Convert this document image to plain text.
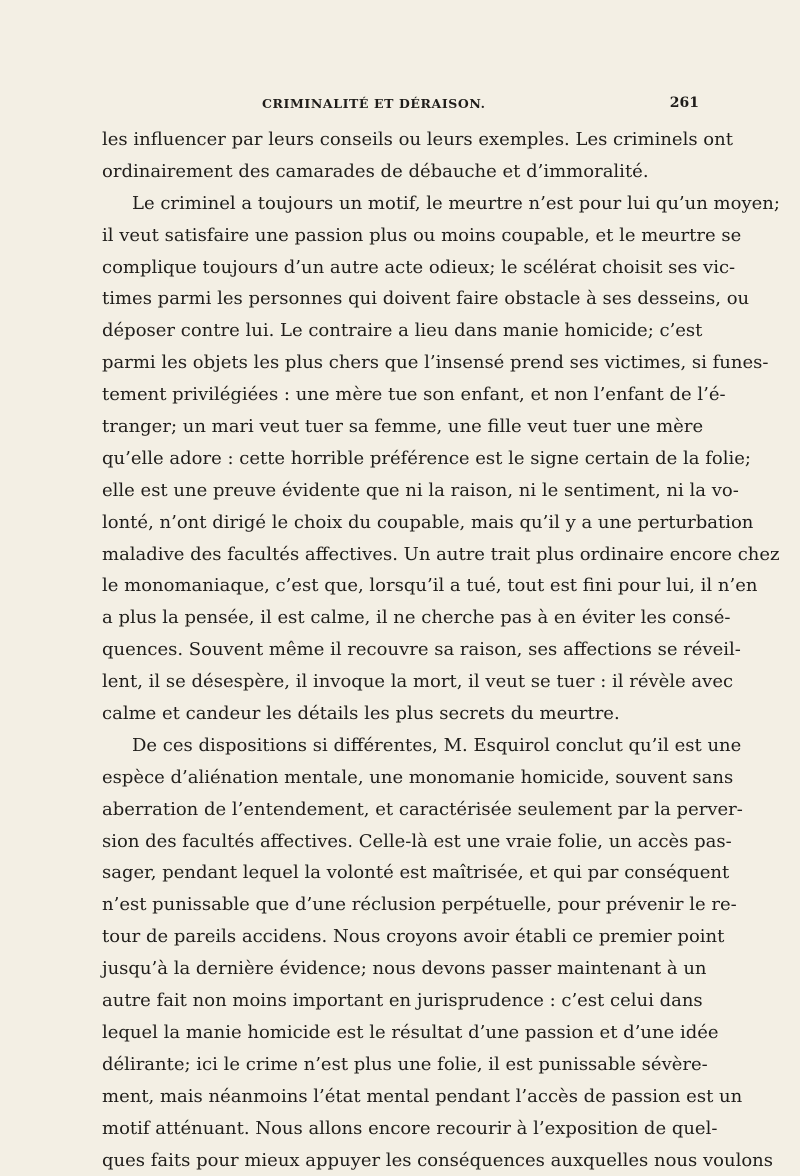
CRIMINALITÉ ET DÉRAISON.	261
les influencer par leurs conseils ou leurs exemples. Les criminels ont
ordinairement des camarades de débauche et d’immoralité.
Le criminel a toujours un motif, le meurtre n’est pour lui qu’un moyen;
il veut satisfaire une passion plus ou moins coupable, et le meurtre se
complique toujours d’un autre acte odieux; le scélérat choisit ses vic-
times parmi les personnes qui doivent faire obstacle à ses desseins, ou
déposer contre lui. Le contraire a lieu dans manie homicide; c’est
parmi les objets les plus chers que l’insensé prend ses victimes, si funes-
tement privilégiées : une mère tue son enfant, et non l’enfant de l’é-
tranger; un mari veut tuer sa femme, une fille veut tuer une mère
qu’elle adore : cette horrible préférence est le signe certain de la folie;
elle est une preuve évidente que ni la raison, ni le sentiment, ni la vo-
lonté, n’ont dirigé le choix du coupable, mais qu’il y a une perturbation
maladive des facultés affectives. Un autre trait plus ordinaire encore chez
le monomaniaque, c’est que, lorsqu’il a tué, tout est fini pour lui, il n’en
a plus la pensée, il est calme, il ne cherche pas à en éviter les consé-
quences. Souvent même il recouvre sa raison, ses affections se réveil-
lent, il se désespère, il invoque la mort, il veut se tuer : il révèle avec
calme et candeur les détails les plus secrets du meurtre.
De ces dispositions si différentes, M. Esquirol conclut qu’il est une
espèce d’aliénation mentale, une monomanie homicide, souvent sans
aberration de l’entendement, et caractérisée seulement par la perver-
sion des facultés affectives. Celle-là est une vraie folie, un accès pas-
sager, pendant lequel la volonté est maîtrisée, et qui par conséquent
n’est punissable que d’une réclusion perpétuelle, pour prévenir le re-
tour de pareils accidens. Nous croyons avoir établi ce premier point
jusqu’à la dernière évidence; nous devons passer maintenant à un
autre fait non moins important en jurisprudence : c’est celui dans
lequel la manie homicide est le résultat d’une passion et d’une idée
délirante; ici le crime n’est plus une folie, il est punissable sévère-
ment, mais néanmoins l’état mental pendant l’accès de passion est un
motif atténuant. Nous allons encore recourir à l’exposition de quel-
ques faits pour mieux appuyer les conséquences auxquelles nous voulons
